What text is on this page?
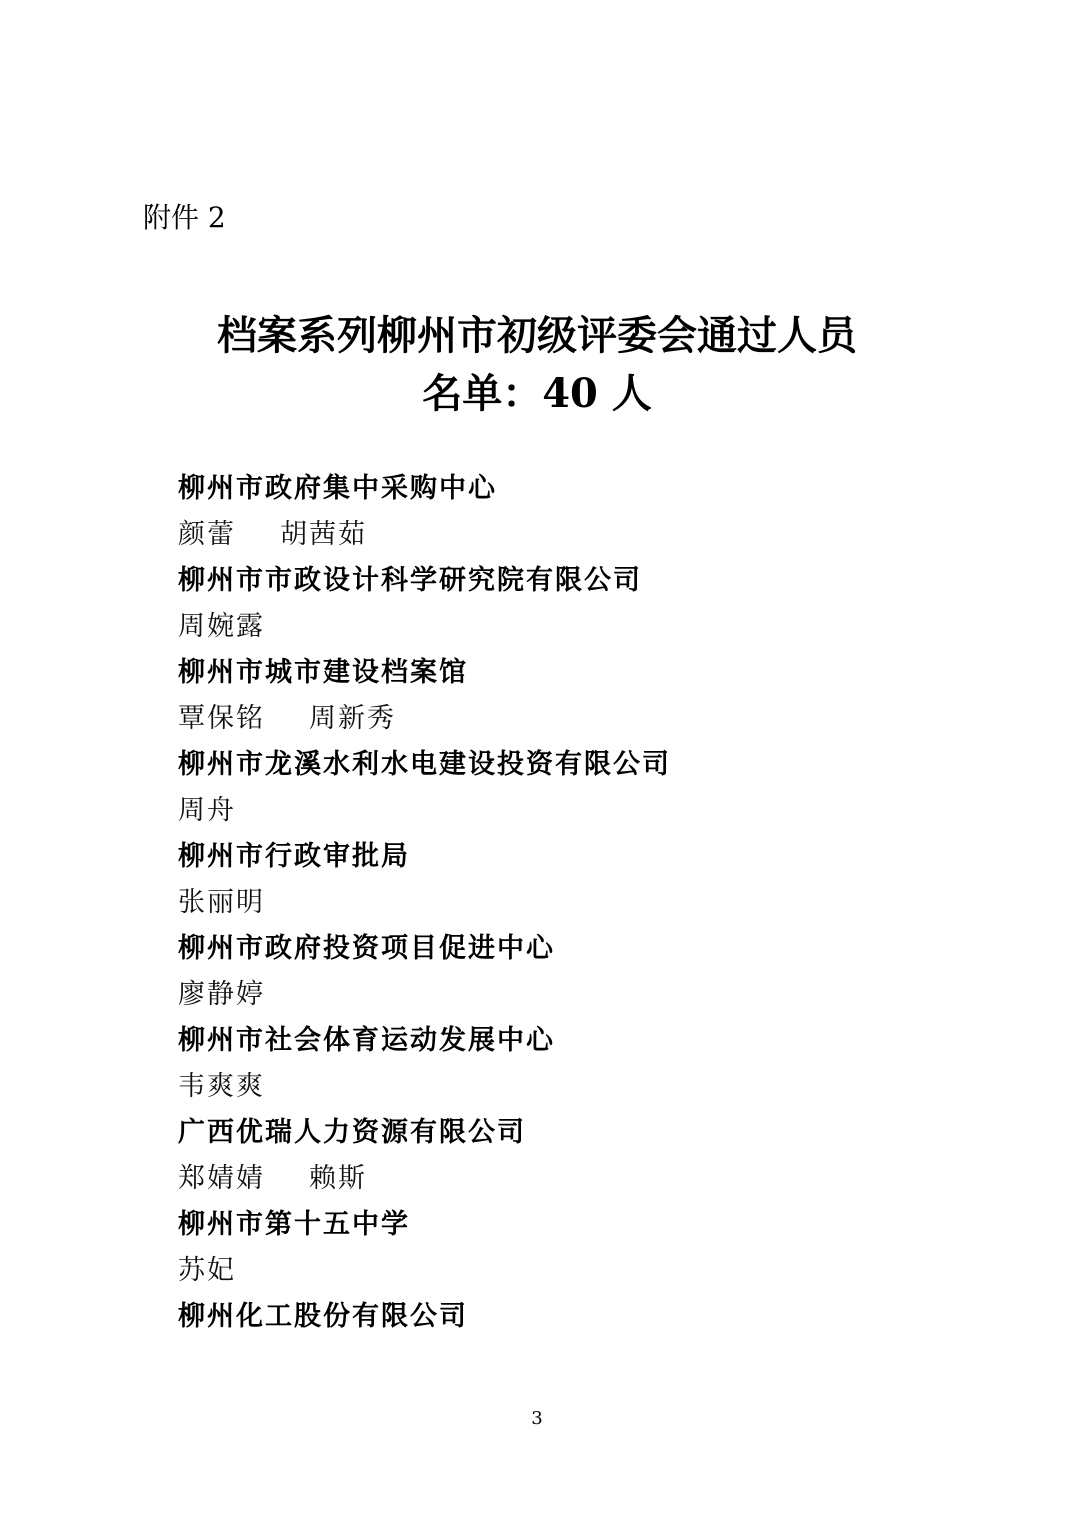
附件 2
档案系列柳州市初级评委会通过人员
名单：40 人
柳州市政府集中采购中心
颜蕾 胡茜茹
柳州市市政设计科学研究院有限公司
周婉露
柳州市城市建设档案馆
覃保铭 周新秀
柳州市龙溪水利水电建设投资有限公司
周舟
柳州市行政审批局
张丽明
柳州市政府投资项目促进中心
廖静婷
柳州市社会体育运动发展中心
韦爽爽
广西优瑞人力资源有限公司
郑婧婧 赖斯
柳州市第十五中学
苏妃
柳州化工股份有限公司
3
